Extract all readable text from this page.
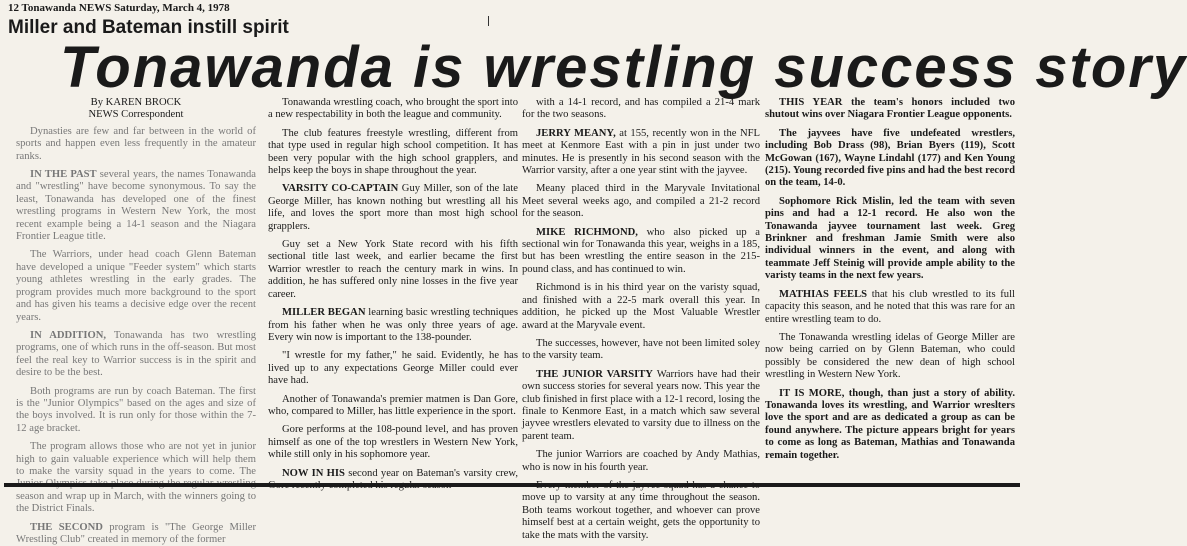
12 Tonawanda NEWS Saturday, March 4, 1978
Miller and Bateman instill spirit
Tonawanda is wrestling success story
By KAREN BROCK
NEWS Correspondent

Dynasties are few and far between in the world of sports and happen even less frequently in the amateur ranks.

IN THE PAST several years, the names Tonawanda and "wrestling" have become synonymous. To say the least, Tonawanda has developed one of the finest wrestling programs in Western New York, the most recent example being a 14-1 season and the Niagara Frontier League title.

The Warriors, under head coach Glenn Bateman have developed a unique "Feeder system" which starts young athletes wrestling in the early grades. The program provides much more background to the sport and has given his teams a decisive edge over the recent years.

IN ADDITION, Tonawanda has two wrestling programs, one of which runs in the off-season. But most feel the real key to Warrior success is in the spirit and desire to be the best.

Both programs are run by coach Bateman. The first is the "Junior Olympics" based on the ages and size of the boys involved. It is run only for those within the 7-12 age bracket.

The program allows those who are not yet in junior high to gain valuable experience which will help them to make the varsity squad in the years to come. The season and wrap up in March, with the winners going to the District Finals.

THE SECOND program is "The George Miller Wrestling Club" created in memory of the former

Tonawanda wrestling coach, who brought the sport into a new respectability in both the league and community.

The club features freestyle wrestling, different from that type used in regular high school competition. It has been very popular with the high school grapplers, and helps keep the boys in shape throughout the year.

VARSITY CO-CAPTAIN Guy Miller, son of the late George Miller, has known nothing but wrestling all his life, and loves the sport more than most high school grapplers.

Guy set a New York State record with his fifth sectional title last week, and earlier became the first Warrior wrestler to reach the century mark in wins. In addition, he has suffered only nine losses in the five year career.

MILLER BEGAN learning basic wrestling techniques from his father when he was only three years of age. Every win now is important to the 138-pounder.

"I wrestle for my father," he said. Evidently, he has lived up to any expectations George Miller could ever have had.

Another of Tonawanda's premier matmen is Dan Gore, who, compared to Miller, has little experience in the sport.

Gore performs at the 108-pound level, and has proven himself as one of the top wrestlers in Western New York, while still only in his sophomore year.

NOW IN HIS second year on Bateman's varsity crew,

with a 14-1 record, and has compiled a 21-4 mark for the two seasons.

JERRY MEANY, at 155, recently won in the NFL meet at Kenmore East with a pin in just under two minutes. He is presently in his second season with the Warrior varsity, after a one year stint with the jayvee.

Meany placed third in the Maryvale Invitational Meet several weeks ago, and compiled a 21-2 record for the season.

MIKE RICHMOND, who also picked up a sectional win for Tonawanda this year, weighs in a 185, but has been wrestling the entire season in the 215-pound class, and has continued to win.

Richmond is in his third year on the varisty squad, and finished with a 22-5 mark overall this year. In addition, he picked up the Most Valuable Wrestler award at the Maryvale event.

The successes, however, have not been limited soley to the varsity team.

THE JUNIOR VARSITY Warriors have had their own success stories for several years now. This year the club finished in first place with a 12-1 record, losing the finale to Kenmore East, in a match which saw several jayvee wrestlers elevated to varsity due to illness on the parent team.

The junior Warriors are coached by Andy Mathias, who is now in his fourth year.

move up to varsity at any time throughout the season. Both teams workout together, and whoever can prove himself best at a certain weight, gets the opportunity to take the mats with the varsity.

THIS YEAR the team's honors included two shutout wins over Niagara Frontier League opponents.

The jayvees have five undefeated wrestlers, including Bob Drass (98), Brian Byers (119), Scott McGowan (167), Wayne Lindahl (177) and Ken Young (215). Young recorded five pins and had the best record on the team, 14-0.

Sophomore Rick Mislin, led the team with seven pins and had a 12-1 record. He also won the Tonawanda jayvee tournament last week. Greg Brinkner and freshman Jamie Smith were also individual winners in the event, and along with teammate Jeff Steinig will provide ample ability to the varisty teams in the next few years.

MATHIAS FEELS that his club wrestled to its full capacity this season, and he noted that this was rare for an entire wrestling team to do.

The Tonawanda wrestling idelas of George Miller are now being carried on by Glenn Bateman, who could possibly be considered the new dean of high school wrestling in Western New York.

IT IS MORE, though, than just a story of ability. Tonawanda loves its wrestling, and Warrior wreslters love the sport and are as dedicated a group as can be found anywhere. The picture appears bright for years to come as long as Bateman, Mathias and Tonawanda remain together.
